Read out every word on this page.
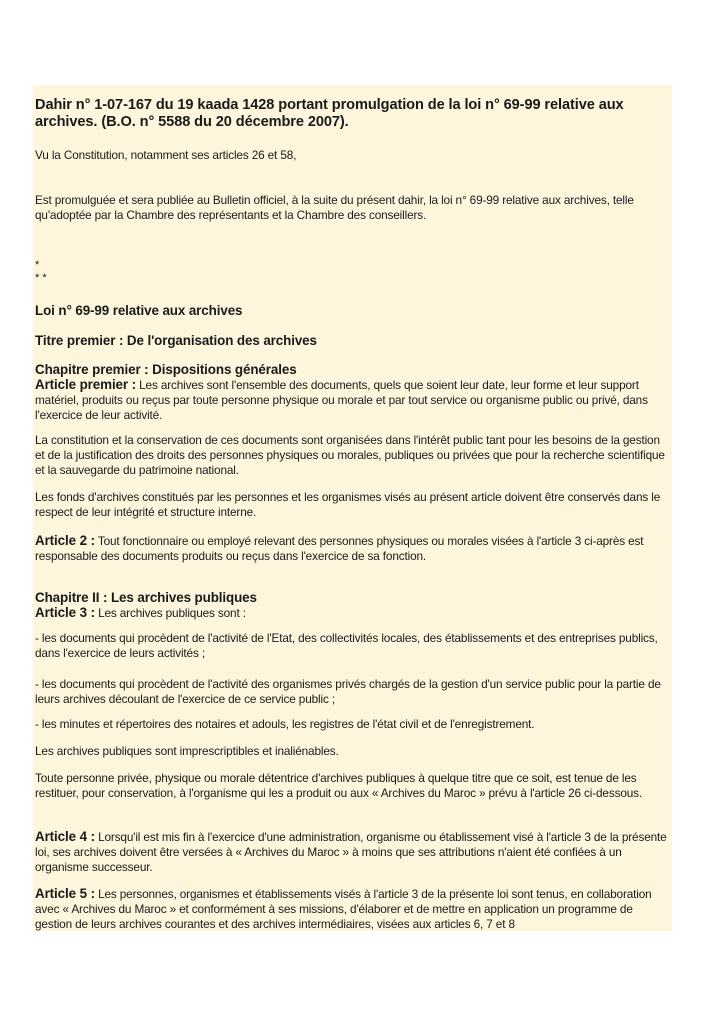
Dahir n° 1-07-167 du 19 kaada 1428 portant promulgation de la loi n° 69-99 relative aux archives. (B.O. n° 5588 du 20 décembre 2007).

Vu la Constitution, notamment ses articles 26 et 58,

Est promulguée et sera publiée au Bulletin officiel, à la suite du présent dahir, la loi n° 69-99 relative aux archives, telle qu'adoptée par la Chambre des représentants et la Chambre des conseillers.

*

* *

Loi n° 69-99 relative aux archives

Titre premier : De l'organisation des archives

Chapitre premier : Dispositions générales

Article premier : Les archives sont l'ensemble des documents, quels que soient leur date, leur forme et leur support matériel, produits ou reçus par toute personne physique ou morale et par tout service ou organisme public ou privé, dans l'exercice de leur activité.

La constitution et la conservation de ces documents sont organisées dans l'intérêt public tant pour les besoins de la gestion et de la justification des droits des personnes physiques ou morales, publiques ou privées que pour la recherche scientifique et la sauvegarde du patrimoine national.

Les fonds d'archives constitués par les personnes et les organismes visés au présent article doivent être conservés dans le respect de leur intégrité et structure interne.

Article 2 : Tout fonctionnaire ou employé relevant des personnes physiques ou morales visées à l'article 3 ci-après est responsable des documents produits ou reçus dans l'exercice de sa fonction.

Chapitre II : Les archives publiques

Article 3 : Les archives publiques sont :

- les documents qui procèdent de l'activité de l'Etat, des collectivités locales, des établissements et des entreprises publics, dans l'exercice de leurs activités ;

- les documents qui procèdent de l'activité des organismes privés chargés de la gestion d'un service public pour la partie de leurs archives découlant de l'exercice de ce service public ;

- les minutes et répertoires des notaires et adouls, les registres de l'état civil et de l'enregistrement.

Les archives publiques sont imprescriptibles et inaliénables.

Toute personne privée, physique ou morale détentrice d'archives publiques à quelque titre que ce soit, est tenue de les restituer, pour conservation, à l'organisme qui les a produit ou aux « Archives du Maroc » prévu à l'article 26 ci-dessous.

Article 4 : Lorsqu'il est mis fin à l'exercice d'une administration, organisme ou établissement visé à l'article 3 de la présente loi, ses archives doivent être versées à « Archives du Maroc » à moins que ses attributions n'aient été confiées à un organisme successeur.

Article 5 : Les personnes, organismes et établissements visés à l'article 3 de la présente loi sont tenus, en collaboration avec « Archives du Maroc » et conformément à ses missions, d'élaborer et de mettre en application un programme de gestion de leurs archives courantes et des archives intermédiaires, visées aux articles 6, 7 et 8
